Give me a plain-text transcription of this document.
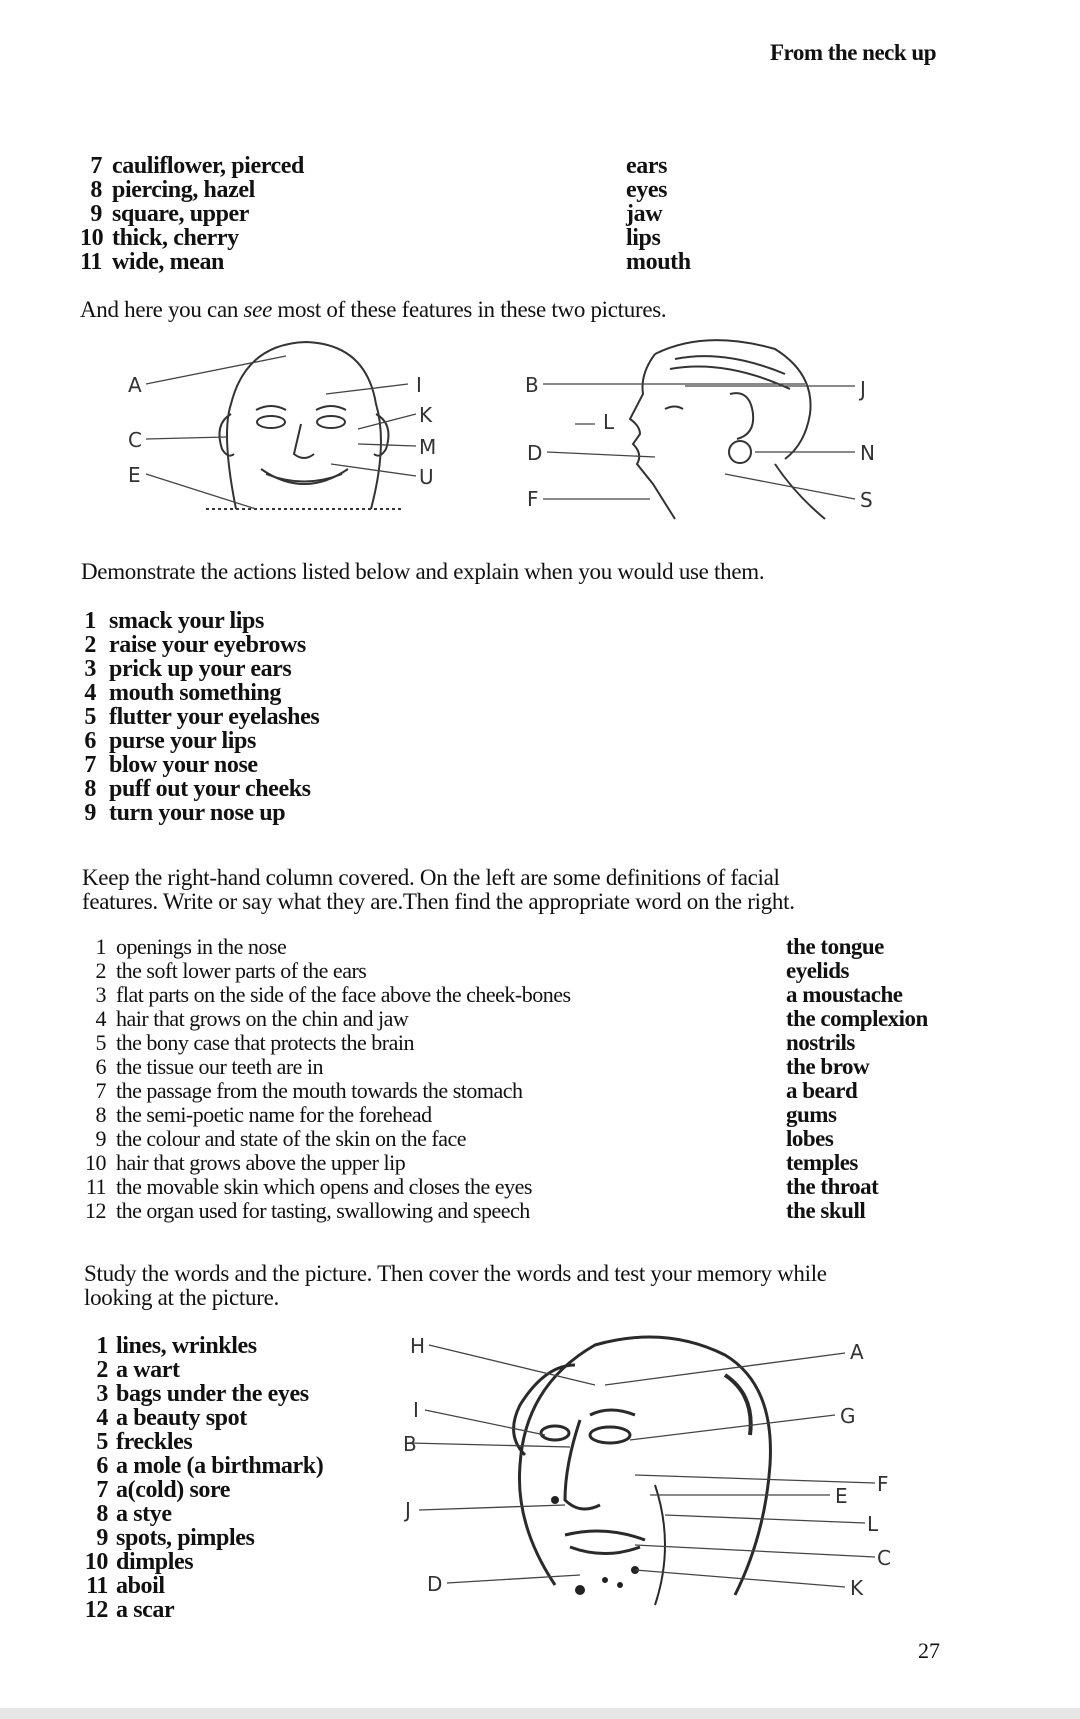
From the neck up
7 cauliflower, pierced	ears
8 piercing, hazel	eyes
9 square, upper	jaw
10 thick, cherry	lips
11 wide, mean	mouth
And here you can see most of these features in these two pictures.
A	I
C
K
M
E	U
B	J
L
D	N
F	S
Demonstrate the actions listed below and explain when you would use them.
1 smack your lips
2 raise your eyebrows
3 prick up your ears
4 mouth something
5 flutter your eyelashes
6 purse your lips
7 blow your nose
8 puff out your cheeks
9 turn your nose up
Keep the right-hand column covered. On the left are some definitions of facial
features. Write or say what they are.Then find the appropriate word on the right.
1 openings in the nose	the tongue
2 the soft lower parts of the ears	eyelids
3 flat parts on the side of the face above the cheek-bones	a moustache
4 hair that grows on the chin and jaw	the complexion
5 the bony case that protects the brain	nostrils
6 the tissue our teeth are in	the brow
7 the passage from the mouth towards the stomach	a beard
8 the semi-poetic name for the forehead	gums
9 the colour and state of the skin on the face	lobes
10 hair that grows above the upper lip	temples
11 the movable skin which opens and closes the eyes	the throat
12 the organ used for tasting, swallowing and speech	the skull
Study the words and the picture. Then cover the words and test your memory while
looking at the picture.
1 lines, wrinkles
2 a wart
3 bags under the eyes
4 a beauty spot
5 freckles
6 a mole (a birthmark)
7 a(cold) sore
8 a stye
9 spots, pimples
10 dimples
11 aboil
12 a scar
H	A
I	G
B
F
E
L
J
C
D	K
27
